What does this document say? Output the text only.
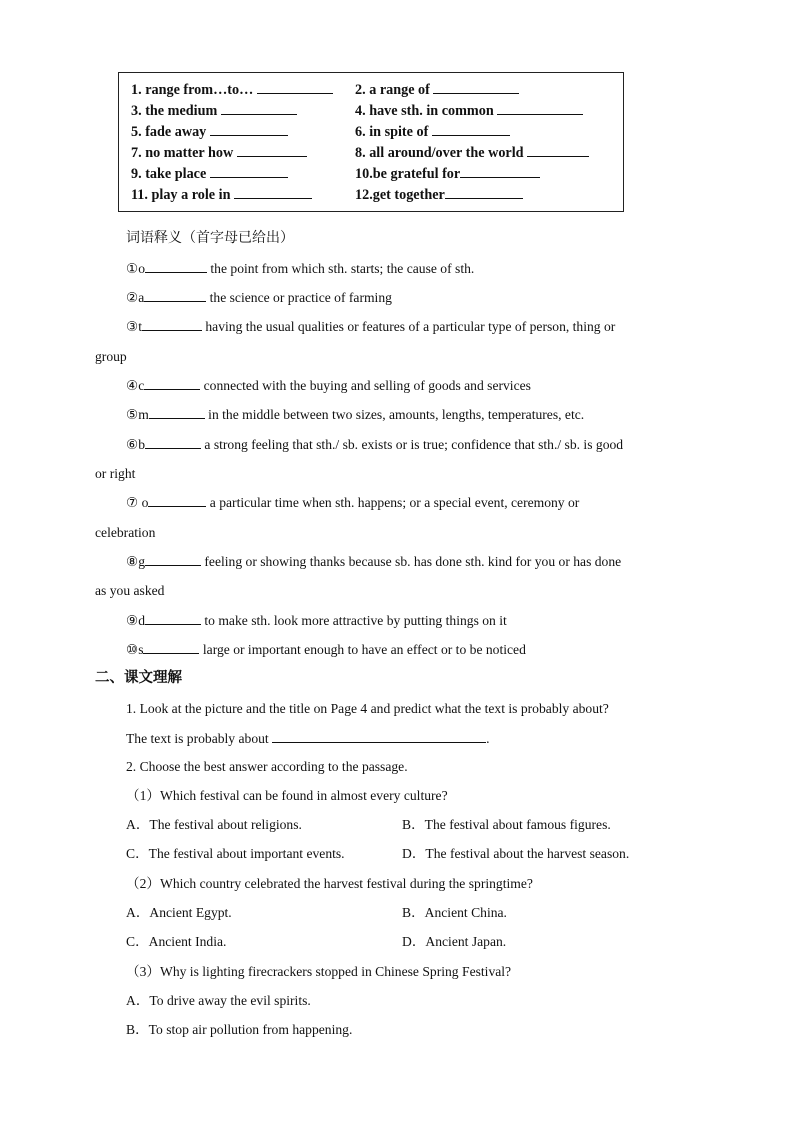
1. range from…to…	2. a range of
3. the medium	4. have sth. in common
5. fade away	6. in spite of
7. no matter how	8. all around/over the world
9. take place	10.be grateful for
11. play a role in	12.get together
词语释义（首字母已给出）
①o	the point from which sth. starts; the cause of sth.
②a	the science or practice of farming
③t	having the usual qualities or features of a particular type of person, thing or
group
④c	connected with the buying and selling of goods and services
⑤m	in the middle between two sizes, amounts, lengths, temperatures, etc.
⑥b	a strong feeling that sth./ sb. exists or is true; confidence that sth./ sb. is good
or right
⑦ o	a particular time when sth. happens; or a special event, ceremony or
celebration
⑧g	feeling or showing thanks because sb. has done sth. kind for you or has done
as you asked
⑨d	to make sth. look more attractive by putting things on it
⑩s	large or important enough to have an effect or to be noticed
二、课文理解
1. Look at the picture and the title on Page 4 and predict what the text is probably about?
The text is probably about	.
2. Choose the best answer according to the passage.
（1）Which festival can be found in almost every culture?
A．The festival about religions.	B．The festival about famous figures.
C．The festival about important events.	D．The festival about the harvest season.
（2）Which country celebrated the harvest festival during the springtime?
A．Ancient Egypt.	B．Ancient China.
C．Ancient India.	D．Ancient Japan.
（3）Why is lighting firecrackers stopped in Chinese Spring Festival?
A．To drive away the evil spirits.
B．To stop air pollution from happening.
